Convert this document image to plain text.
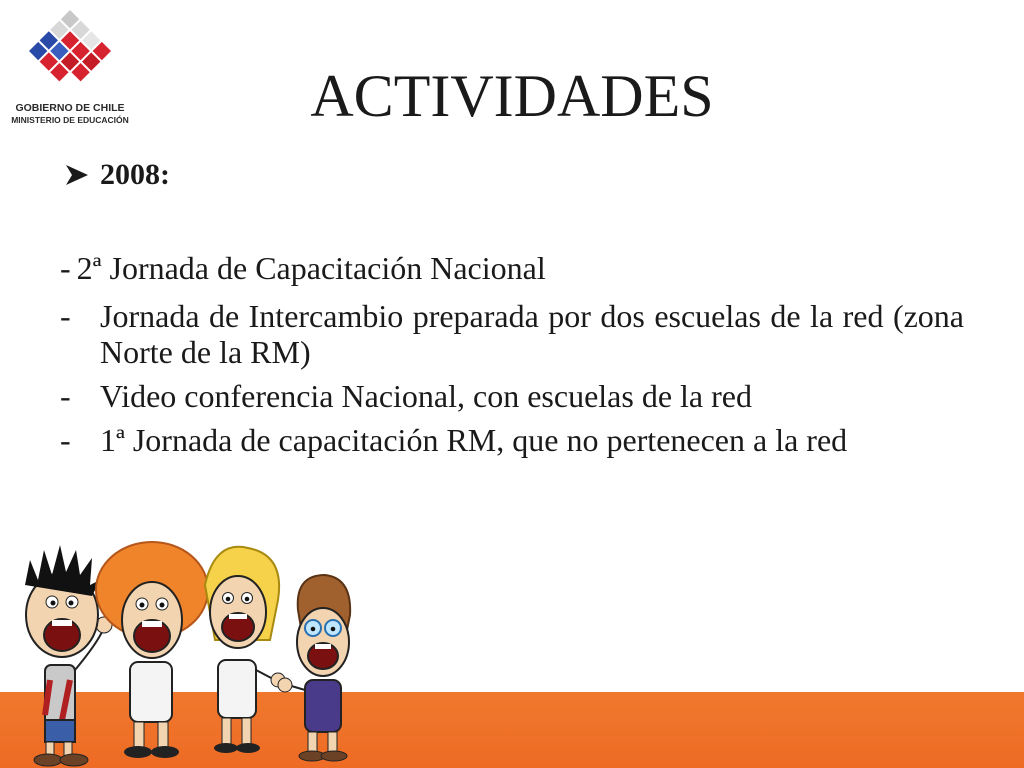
GOBIERNO DE CHILE
MINISTERIO DE EDUCACIÓN	ACTIVIDADES
2008:

- 2ª Jornada de Capacitación Nacional

- Jornada de Intercambio preparada por dos escuelas de la red (zona Norte de la RM)

- Video conferencia Nacional, con escuelas de la red

- 1ª Jornada de capacitación RM, que no pertenecen a la red
